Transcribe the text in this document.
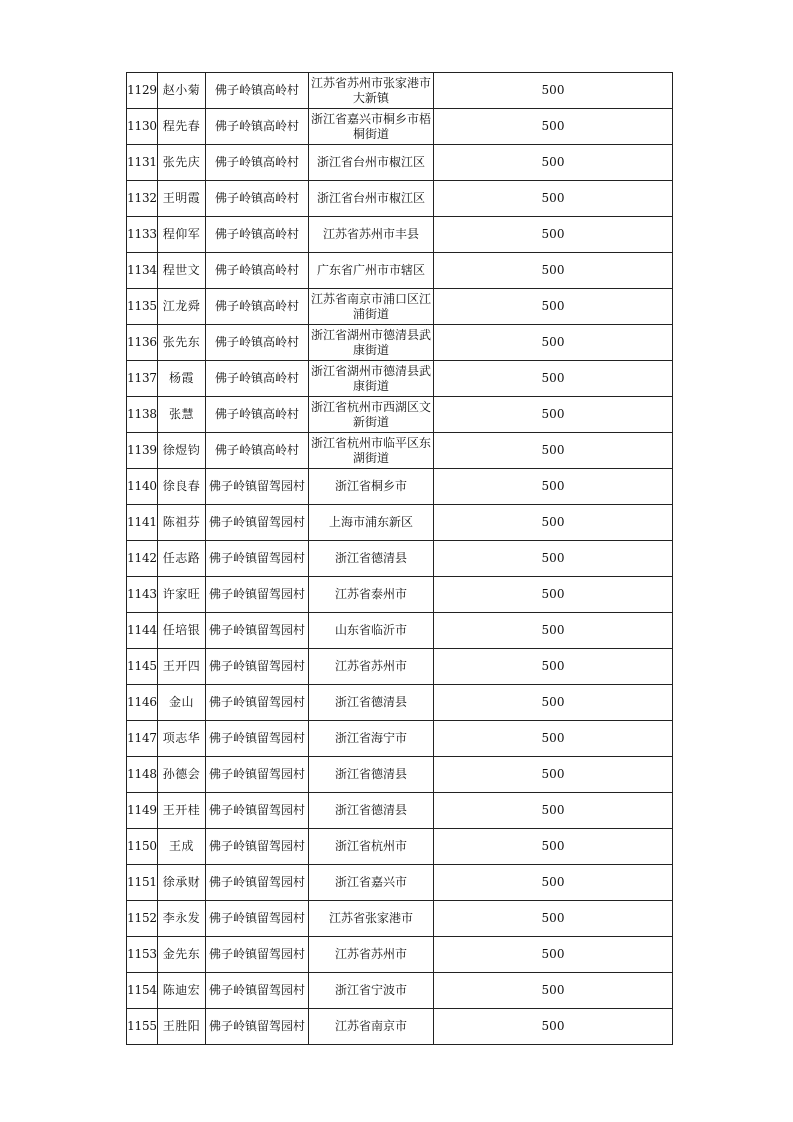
1129	赵小菊	佛子岭镇高岭村	江苏省苏州市张家港市大新镇	500
1130	程先春	佛子岭镇高岭村	浙江省嘉兴市桐乡市梧桐街道	500
1131	张先庆	佛子岭镇高岭村	浙江省台州市椒江区	500
1132	王明霞	佛子岭镇高岭村	浙江省台州市椒江区	500
1133	程仰军	佛子岭镇高岭村	江苏省苏州市丰县	500
1134	程世文	佛子岭镇高岭村	广东省广州市市辖区	500
1135	江龙舜	佛子岭镇高岭村	江苏省南京市浦口区江浦街道	500
1136	张先东	佛子岭镇高岭村	浙江省湖州市德清县武康街道	500
1137	杨霞	佛子岭镇高岭村	浙江省湖州市德清县武康街道	500
1138	张慧	佛子岭镇高岭村	浙江省杭州市西湖区文新街道	500
1139	徐煜钧	佛子岭镇高岭村	浙江省杭州市临平区东湖街道	500
1140	徐良春	佛子岭镇留驾园村	浙江省桐乡市	500
1141	陈祖芬	佛子岭镇留驾园村	上海市浦东新区	500
1142	任志路	佛子岭镇留驾园村	浙江省德清县	500
1143	许家旺	佛子岭镇留驾园村	江苏省泰州市	500
1144	任培银	佛子岭镇留驾园村	山东省临沂市	500
1145	王开四	佛子岭镇留驾园村	江苏省苏州市	500
1146	金山	佛子岭镇留驾园村	浙江省德清县	500
1147	项志华	佛子岭镇留驾园村	浙江省海宁市	500
1148	孙德会	佛子岭镇留驾园村	浙江省德清县	500
1149	王开桂	佛子岭镇留驾园村	浙江省德清县	500
1150	王成	佛子岭镇留驾园村	浙江省杭州市	500
1151	徐承财	佛子岭镇留驾园村	浙江省嘉兴市	500
1152	李永发	佛子岭镇留驾园村	江苏省张家港市	500
1153	金先东	佛子岭镇留驾园村	江苏省苏州市	500
1154	陈迪宏	佛子岭镇留驾园村	浙江省宁波市	500
1155	王胜阳	佛子岭镇留驾园村	江苏省南京市	500
